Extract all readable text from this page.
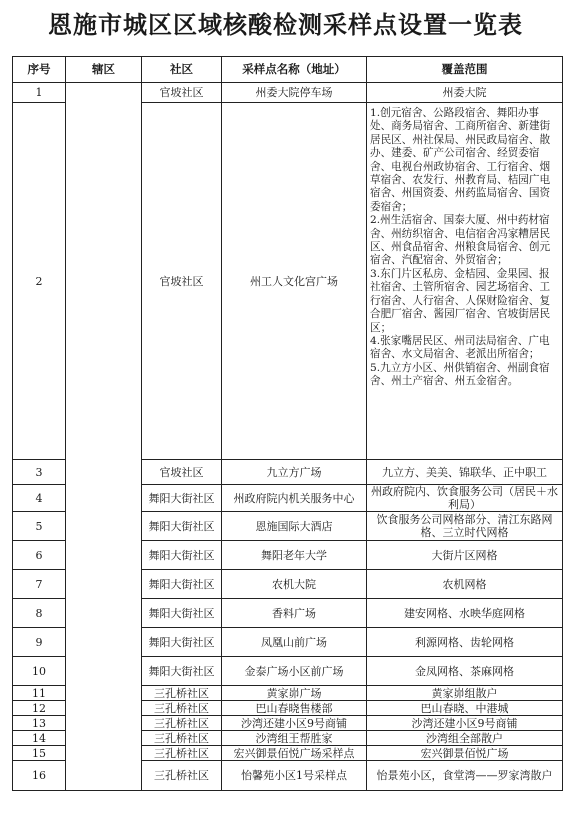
恩施市城区区域核酸检测采样点设置一览表
序号	辖区	社区	采样点名称（地址）	覆盖范围
1		官坡社区	州委大院停车场	州委大院
2		官坡社区	州工人文化宫广场	1.创元宿舍、公路段宿舍、舞阳办事处、商务局宿舍、工商所宿舍、新建街居民区、州社保局、州民政局宿舍、散办、建委、矿产公司宿舍、经贸委宿舍、电视台州政协宿舍、工行宿舍、烟草宿舍、农发行、州教育局、桔园广电宿舍、州国资委、州药监局宿舍、国资委宿舍；
2.州生活宿舍、国泰大厦、州中药材宿舍、州纺织宿舍、电信宿舍冯家糟居民区、州食品宿舍、州粮食局宿舍、创元宿舍、汽配宿舍、外贸宿舍；
3.东门片区私房、金桔园、金果园、报社宿舍、土管所宿舍、园艺场宿舍、工行宿舍、人行宿舍、人保财险宿舍、复合肥厂宿舍、酱园厂宿舍、官坡街居民区；
4.张家嘴居民区、州司法局宿舍、广电宿舍、水文局宿舍、老派出所宿舍；
5.九立方小区、州供销宿舍、州副食宿舍、州土产宿舍、州五金宿舍。

3		官坡社区	九立方广场	九立方、美美、锦联华、正中职工
4		舞阳大街社区	州政府院内机关服务中心	州政府院内、饮食服务公司（居民＋水利局）
5		舞阳大街社区	恩施国际大酒店	饮食服务公司网格部分、清江东路网格、三立时代网格
6		舞阳大街社区	舞阳老年大学	大街片区网格
7		舞阳大街社区	农机大院	农机网格
8		舞阳大街社区	香料广场	建安网格、水映华庭网格
9		舞阳大街社区	凤凰山前广场	利源网格、齿轮网格
10		舞阳大街社区	金泰广场小区前广场	金凤网格、茶麻网格
11		三孔桥社区	黄家峁广场	黄家峁组散户
12		三孔桥社区	巴山春晓售楼部	巴山春晓、中港城
13		三孔桥社区	沙湾还建小区9号商铺	沙湾还建小区9号商铺
14		三孔桥社区	沙湾组王帮胜家	沙湾组全部散户
15		三孔桥社区	宏兴御景佰悦广场采样点	宏兴御景佰悦广场
16		三孔桥社区	怡馨苑小区1号采样点	怡景苑小区，食堂湾——罗家湾散户
